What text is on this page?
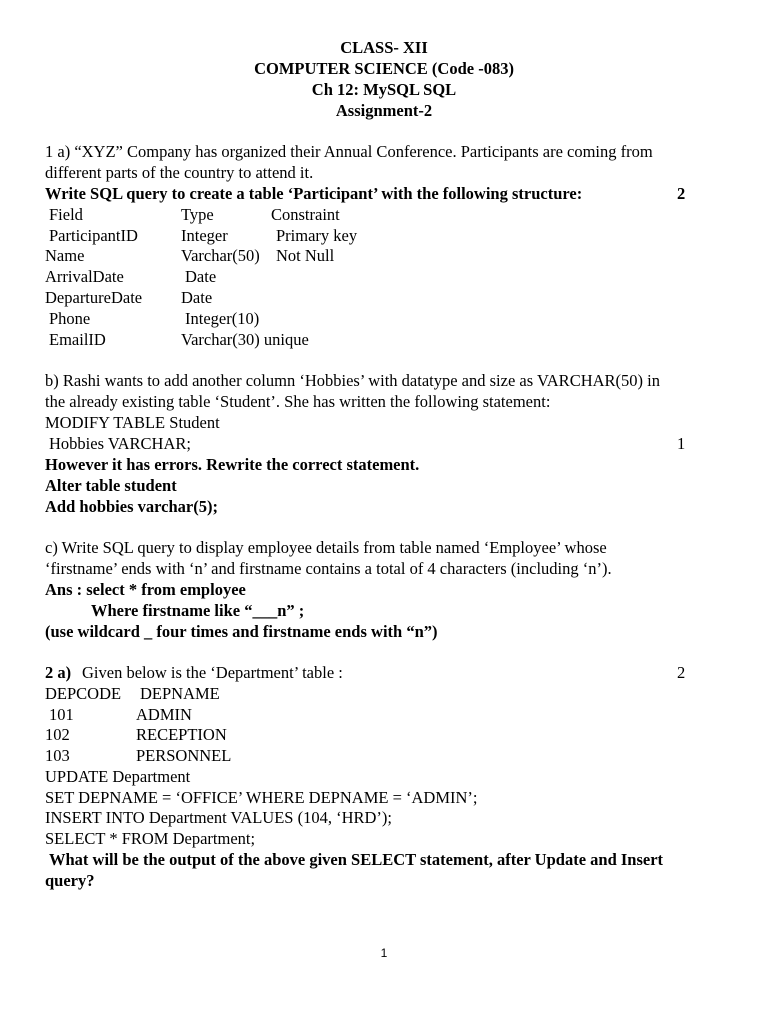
CLASS- XII
COMPUTER SCIENCE (Code -083)
Ch 12: MySQL SQL
Assignment-2
1 a) “XYZ” Company has organized their Annual Conference. Participants are coming from
different parts of the country to attend it.
Write SQL query to create a table ‘Participant’ with the following structure:	2
Field	Type	Constraint
ParticipantID	Integer	Primary key
Name	Varchar(50) Not Null
ArrivalDate	Date
DepartureDate Date
Phone	Integer(10)
EmailID	Varchar(30) unique
b) Rashi wants to add another column ‘Hobbies’ with datatype and size as VARCHAR(50) in
the already existing table ‘Student’. She has written the following statement:
MODIFY TABLE Student
Hobbies VARCHAR;	1
However it has errors. Rewrite the correct statement.
Alter table student
Add hobbies varchar(5);
c) Write SQL query to display employee details from table named ‘Employee’ whose
‘firstname’ ends with ‘n’ and firstname contains a total of 4 characters (including ‘n’).
Ans : select * from employee
Where firstname like “___n” ;
(use wildcard _ four times and firstname ends with “n”)
2 a) Given below is the ‘Department’ table :	2
DEPCODE DEPNAME
101	ADMIN
102	RECEPTION
103	PERSONNEL
UPDATE Department
SET DEPNAME = ‘OFFICE’ WHERE DEPNAME = ‘ADMIN’;
INSERT INTO Department VALUES (104, ‘HRD’);
SELECT * FROM Department;
What will be the output of the above given SELECT statement, after Update and Insert
query?
1
